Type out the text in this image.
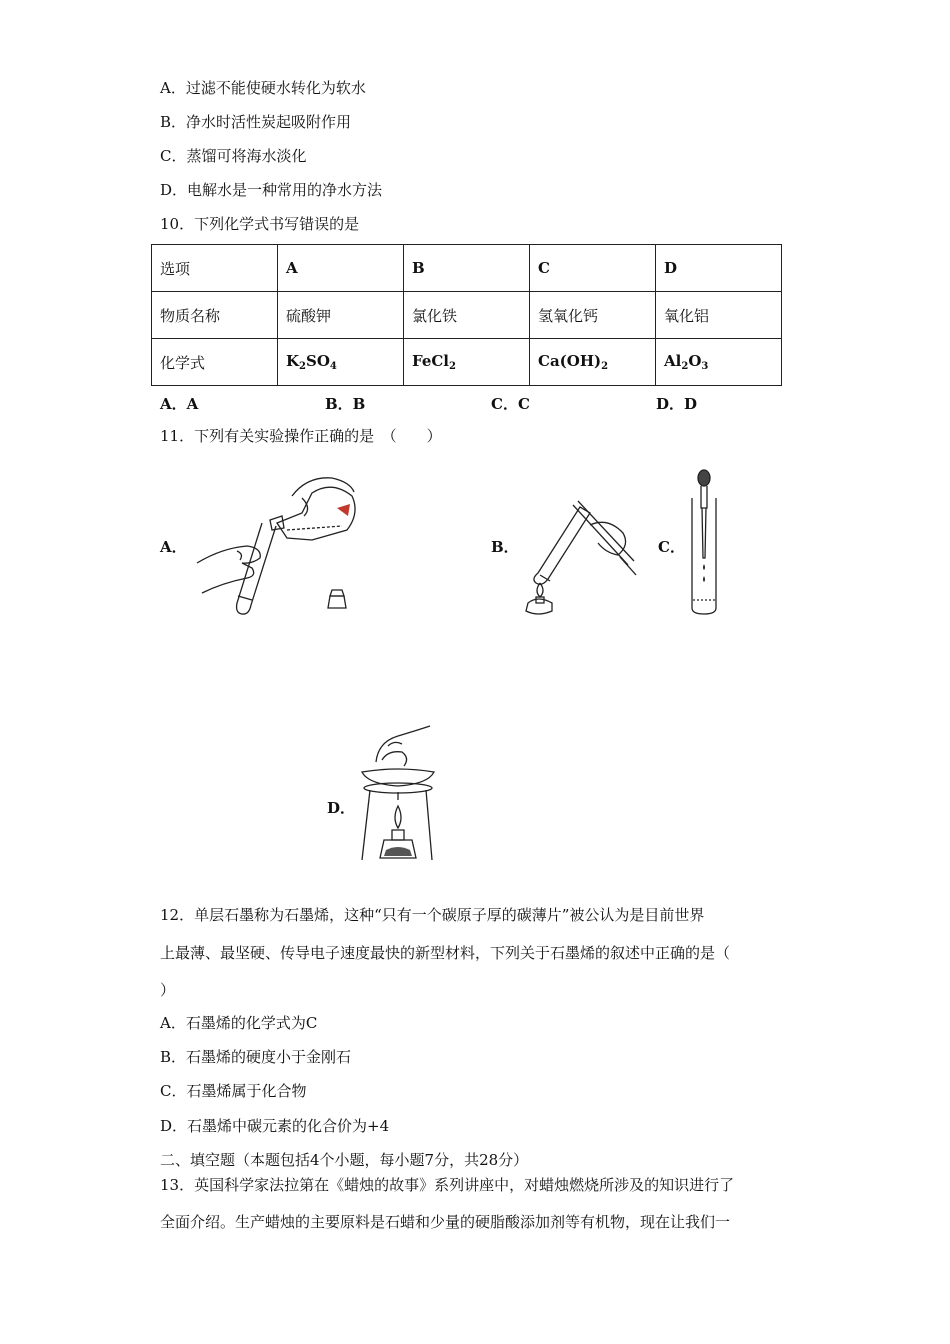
A．过滤不能使硬水转化为软水
B．净水时活性炭起吸附作用
C．蒸馏可将海水淡化
D．电解水是一种常用的净水方法
10．下列化学式书写错误的是
选项	A	B	C	D
物质名称	硫酸钾	氯化铁	氢氧化钙	氧化铝
化学式	$K_2SO_4$	FeCl$_2$	$Ca(OH)_2$	$Al_2O_3$
A．A	B．B	C．C	D．D
11．下列有关实验操作正确的是　（　　）
A．	B．	C．
D．
12．单层石墨称为石墨烯，这种“只有一个碳原子厚的碳薄片”被公认为是目前世界
上最薄、最坚硬、传导电子速度最快的新型材料，下列关于石墨烯的叙述中正确的是（
）
A．石墨烯的化学式为C
B．石墨烯的硬度小于金刚石
C．石墨烯属于化合物
D．石墨烯中碳元素的化合价为+4
二、填空题（本题包括4个小题，每小题7分，共28分）
13．英国科学家法拉第在《蜡烛的故事》系列讲座中，对蜡烛燃烧所涉及的知识进行了
全面介绍。生产蜡烛的主要原料是石蜡和少量的硬脂酸添加剂等有机物，现在让我们一
